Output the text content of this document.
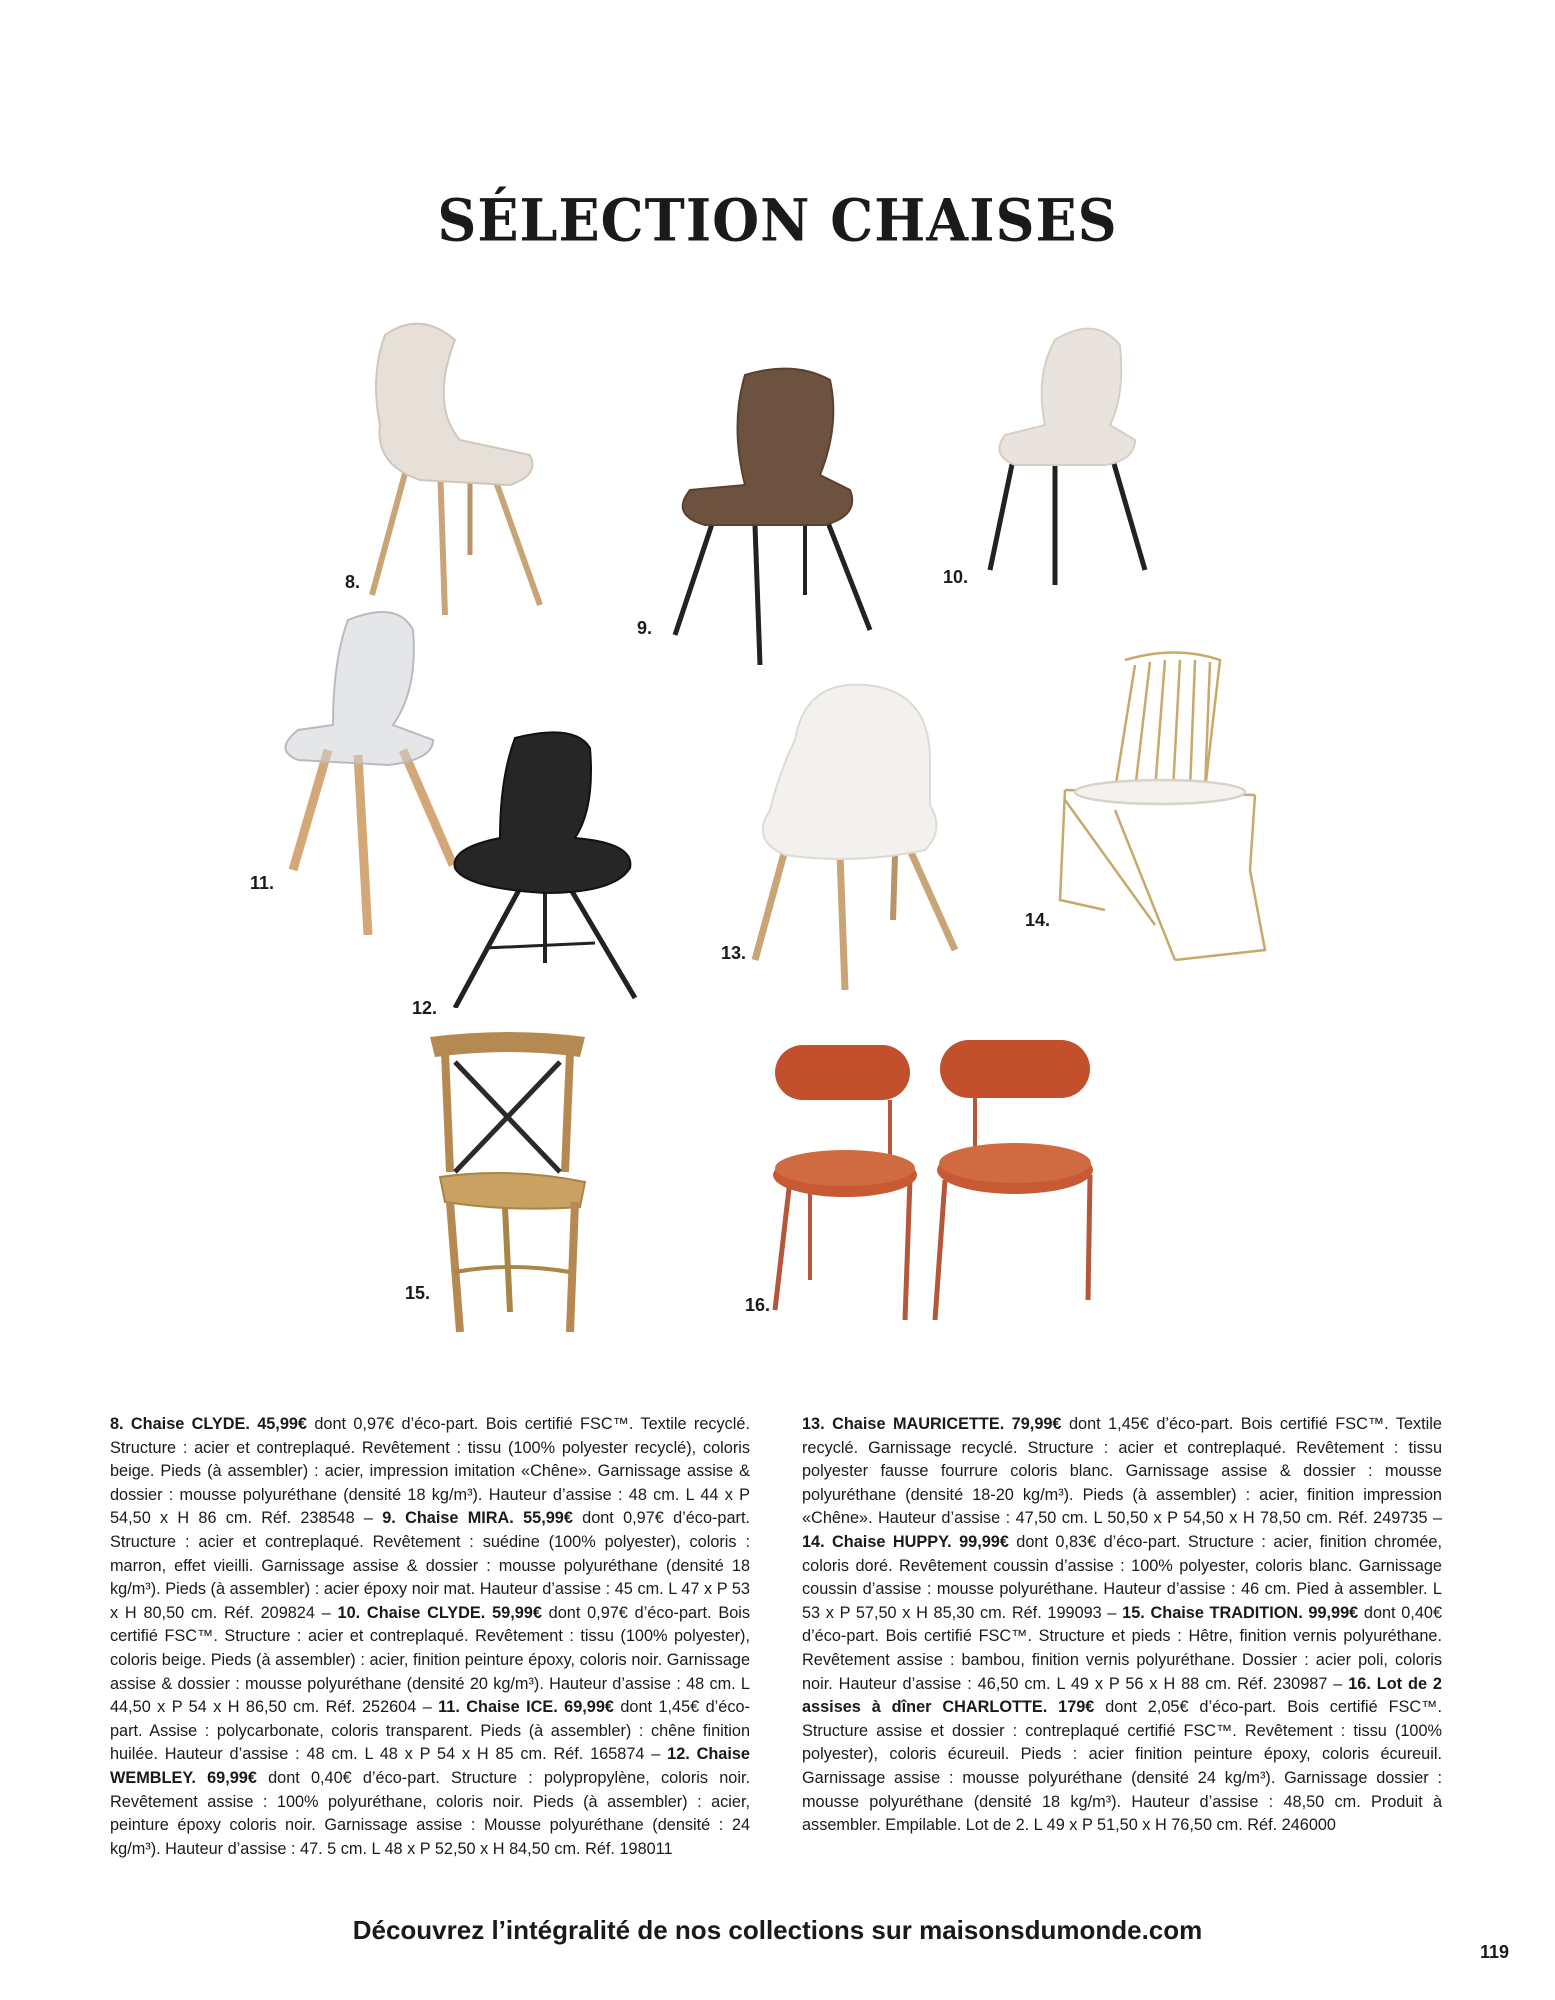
SÉLECTION CHAISES
8.
9.
10.
11.
12.
13.
14.
15.
16.
8. Chaise CLYDE. 45,99€ dont 0,97€ d’éco-part. Bois certifié FSC™. Textile recyclé. Structure : acier et contreplaqué. Revêtement : tissu (100% polyester recyclé), coloris beige. Pieds (à assembler) : acier, impression imitation «Chêne». Garnissage assise & dossier : mousse polyuréthane (densité 18 kg/m³). Hauteur d’assise : 48 cm. L 44 x P 54,50 x H 86 cm. Réf. 238548 – 9. Chaise MIRA. 55,99€ dont 0,97€ d’éco-part. Structure : acier et contreplaqué. Revêtement : suédine (100% polyester), coloris : marron, effet vieilli. Garnissage assise & dossier : mousse polyuréthane (densité 18 kg/m³). Pieds (à assembler) : acier époxy noir mat. Hauteur d’assise : 45 cm. L 47 x P 53 x H 80,50 cm. Réf. 209824 – 10. Chaise CLYDE. 59,99€ dont 0,97€ d’éco-part. Bois certifié FSC™. Structure : acier et contreplaqué. Revêtement : tissu (100% polyester), coloris beige. Pieds (à assembler) : acier, finition peinture époxy, coloris noir. Garnissage assise & dossier : mousse polyuréthane (densité 20 kg/m³). Hauteur d’assise : 48 cm. L 44,50 x P 54 x H 86,50 cm. Réf. 252604 – 11. Chaise ICE. 69,99€ dont 1,45€ d’éco-part. Assise : polycarbonate, coloris transparent. Pieds (à assembler) : chêne finition huilée. Hauteur d’assise : 48 cm. L 48 x P 54 x H 85 cm. Réf. 165874 – 12. Chaise WEMBLEY. 69,99€ dont 0,40€ d’éco-part. Structure : polypropylène, coloris noir. Revêtement assise : 100% polyuréthane, coloris noir. Pieds (à assembler) : acier, peinture époxy coloris noir. Garnissage assise : Mousse polyuréthane (densité : 24 kg/m³). Hauteur d’assise : 47. 5 cm. L 48 x P 52,50 x H 84,50 cm. Réf. 198011
13. Chaise MAURICETTE. 79,99€ dont 1,45€ d’éco-part. Bois certifié FSC™. Textile recyclé. Garnissage recyclé. Structure : acier et contreplaqué. Revêtement : tissu polyester fausse fourrure coloris blanc. Garnissage assise & dossier : mousse polyuréthane (densité 18-20 kg/m³). Pieds (à assembler) : acier, finition impression «Chêne». Hauteur d’assise : 47,50 cm. L 50,50 x P 54,50 x H 78,50 cm. Réf. 249735 – 14. Chaise HUPPY. 99,99€ dont 0,83€ d’éco-part. Structure : acier, finition chromée, coloris doré. Revêtement coussin d’assise : 100% polyester, coloris blanc. Garnissage coussin d’assise : mousse polyuréthane. Hauteur d’assise : 46 cm. Pied à assembler. L 53 x P 57,50 x H 85,30 cm. Réf. 199093 – 15. Chaise TRADITION. 99,99€ dont 0,40€ d’éco-part. Bois certifié FSC™. Structure et pieds : Hêtre, finition vernis polyuréthane. Revêtement assise : bambou, finition vernis polyuréthane. Dossier : acier poli, coloris noir. Hauteur d’assise : 46,50 cm. L 49 x P 56 x H 88 cm. Réf. 230987 – 16. Lot de 2 assises à dîner CHARLOTTE. 179€ dont 2,05€ d’éco-part. Bois certifié FSC™. Structure assise et dossier : contreplaqué certifié FSC™. Revêtement : tissu (100% polyester), coloris écureuil. Pieds : acier finition peinture époxy, coloris écureuil. Garnissage assise : mousse polyuréthane (densité 24 kg/m³). Garnissage dossier : mousse polyuréthane (densité 18 kg/m³). Hauteur d’assise : 48,50 cm. Produit à assembler. Empilable. Lot de 2. L 49 x P 51,50 x H 76,50 cm. Réf. 246000
Découvrez l’intégralité de nos collections sur maisonsdumonde.com
119
